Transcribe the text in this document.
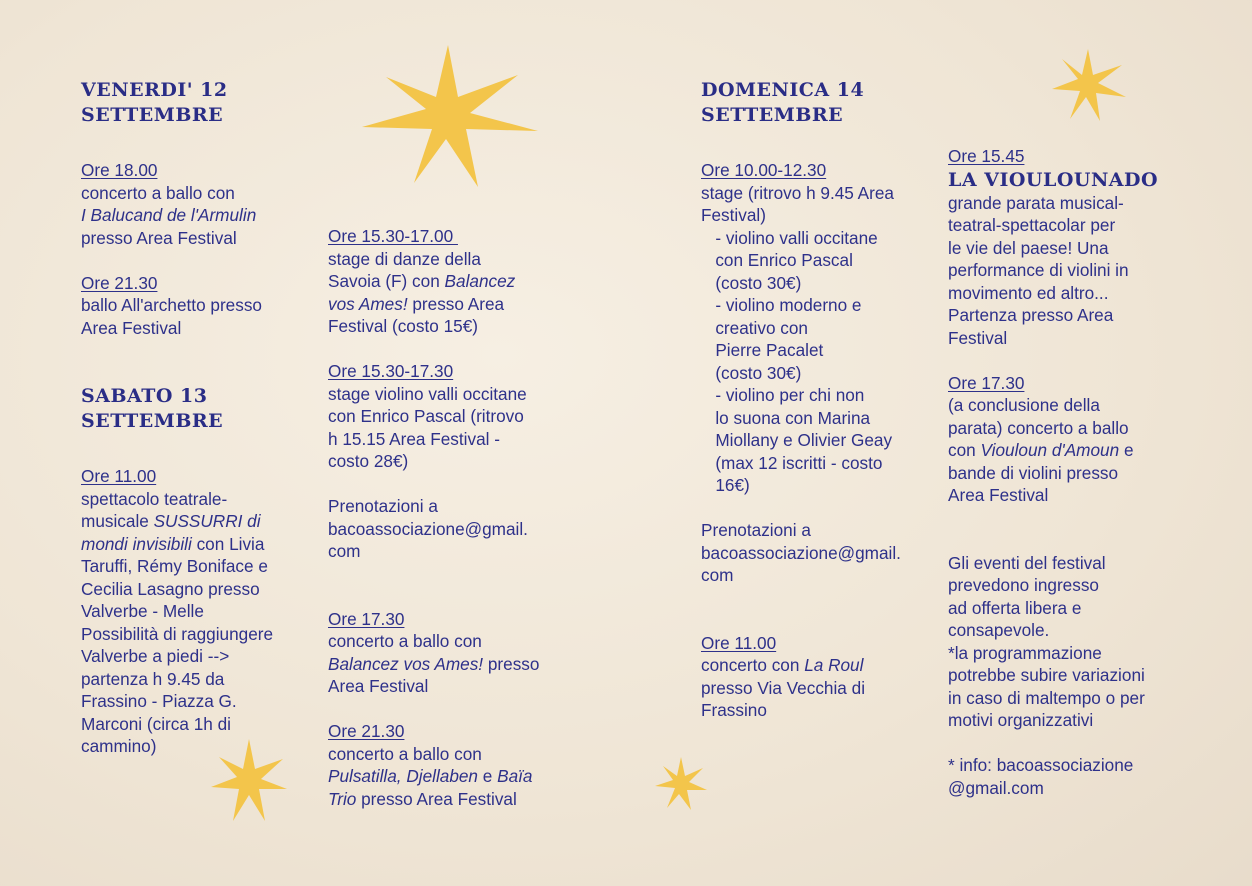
VENERDI' 12
SETTEMBRE
Ore 18.00
concerto a ballo con
I Balucand de l'Armulin
presso Area Festival
Ore 21.30
ballo All'archetto presso
Area Festival
SABATO 13
SETTEMBRE
Ore 11.00
spettacolo teatrale-
musicale SUSSURRI di
mondi invisibili con Livia
Taruffi, Rémy Boniface e
Cecilia Lasagno presso
Valverbe - Melle
Possibilità di raggiungere
Valverbe a piedi -->
partenza h 9.45 da
Frassino - Piazza G.
Marconi (circa 1h di
cammino)
Ore 15.30-17.00
stage di danze della
Savoia (F) con Balancez
vos Ames! presso Area
Festival (costo 15€)
Ore 15.30-17.30
stage violino valli occitane
con Enrico Pascal (ritrovo
h 15.15 Area Festival -
costo 28€)
Prenotazioni a
bacoassociazione@gmail.
com
Ore 17.30
concerto a ballo con
Balancez vos Ames! presso
Area Festival
Ore 21.30
concerto a ballo con
Pulsatilla, Djellaben e Baïa
Trio presso Area Festival
DOMENICA 14
SETTEMBRE
Ore 10.00-12.30
stage (ritrovo h 9.45 Area
Festival)
- violino valli occitane
con Enrico Pascal
(costo 30€)
- violino moderno e
creativo con
Pierre Pacalet
(costo 30€)
- violino per chi non
lo suona con Marina
Miollany e Olivier Geay
(max 12 iscritti - costo
16€)
Prenotazioni a
bacoassociazione@gmail.
com
Ore 11.00
concerto con La Roul
presso Via Vecchia di
Frassino
Ore 15.45
LA VIOULOUNADO
grande parata musical-
teatral-spettacolar per
le vie del paese! Una
performance di violini in
movimento ed altro...
Partenza presso Area
Festival
Ore 17.30
(a conclusione della
parata) concerto a ballo
con Viouloun d'Amoun e
bande di violini presso
Area Festival
Gli eventi del festival
prevedono ingresso
ad offerta libera e
consapevole.
*la programmazione
potrebbe subire variazioni
in caso di maltempo o per
motivi organizzativi
* info: bacoassociazione
@gmail.com
